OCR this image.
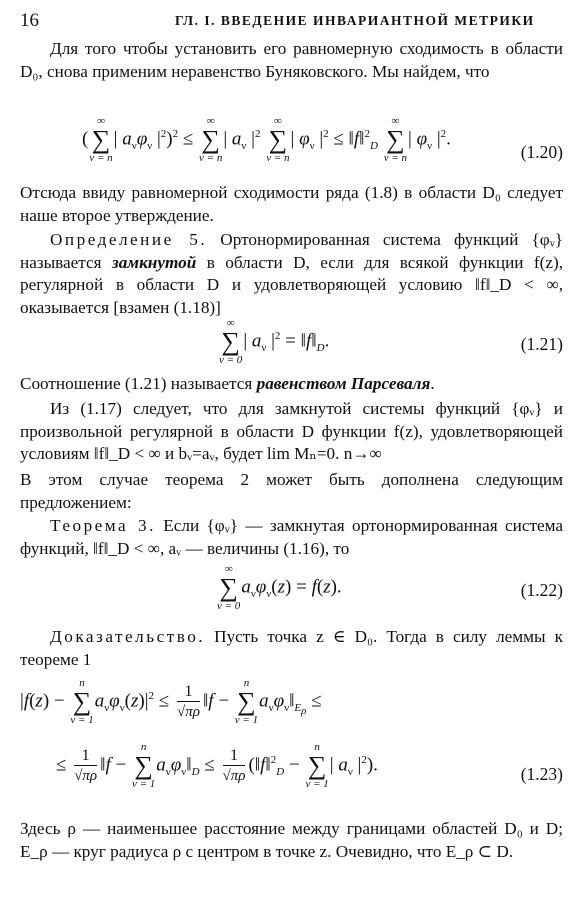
16	ГЛ. I. ВВЕДЕНИЕ ИНВАРИАНТНОЙ МЕТРИКИ

Для того чтобы установить его равномерную сходимость в области D₀, снова применим неравенство Буняковского. Мы найдем, что

(
∞
∑
ν = n
| $a_\nu\varphi_\nu$ $|^2)^2$ ≤
∞
∑
ν = n
| $a_\nu$ $|^2$
∞
∑
ν = n
| $\varphi_\nu$ $|^2$ ≤ ‖f‖$^2_D$
∞
∑
ν = n
| $\varphi_\nu$ $|^2$.
(1.20)

Отсюда ввиду равномерной сходимости ряда (1.8) в области D₀ следует наше второе утверждение.

Определение 5. Ортонормированная система функций {φᵥ} называется замкнутой в области D, если для всякой функции f(z), регулярной в области D и удовлетворяющей условию ‖f‖_D < ∞, оказывается [взамен (1.18)]

∞
∑
ν = 0
| $a_\nu$ $|^2$ = $‖f‖_D$.	(1.21)

Соотношение (1.21) называется равенством Парсеваля.

Из (1.17) следует, что для замкнутой системы функций {φᵥ} и произвольной регулярной в области D функции f(z), удовлетворяющей условиям ‖f‖_D < ∞ и bᵥ=aᵥ, будет lim Mₙ=0. n→∞

В этом случае теорема 2 может быть дополнена следующим предложением:

Теорема 3. Если {φᵥ} — замкнутая ортонормированная система функций, ‖f‖_D < ∞, aᵥ — величины (1.16), то

∞
∑
ν = 0
$a_\nu\varphi_\nu(z) = f(z)$.	(1.22)

Доказательство. Пусть точка z ∈ D₀. Тогда в силу леммы к теореме 1

|f(z) −
n
∑
ν = 1
$a_\nu\varphi_\nu(z)|^2 \le \frac{1}{√\pi\rho}$ ‖f −
n
∑
ν = 1
$a_\nu\varphi_\nu‖_{E_\rho}$ ≤
≤ $\frac{1}{√\pi\rho}$ ‖f −
n
∑
ν = 1
$a_\nu\varphi_\nu‖_D \le \frac{1}{√\pi\rho}$ (‖f‖$^2_D$ −
n
∑
ν = 1
| $a_\nu$ $|^2$).	(1.23)

Здесь ρ — наименьшее расстояние между границами областей D₀ и D; E_ρ — круг радиуса ρ с центром в точке z. Очевидно, что E_ρ ⊂ D.
